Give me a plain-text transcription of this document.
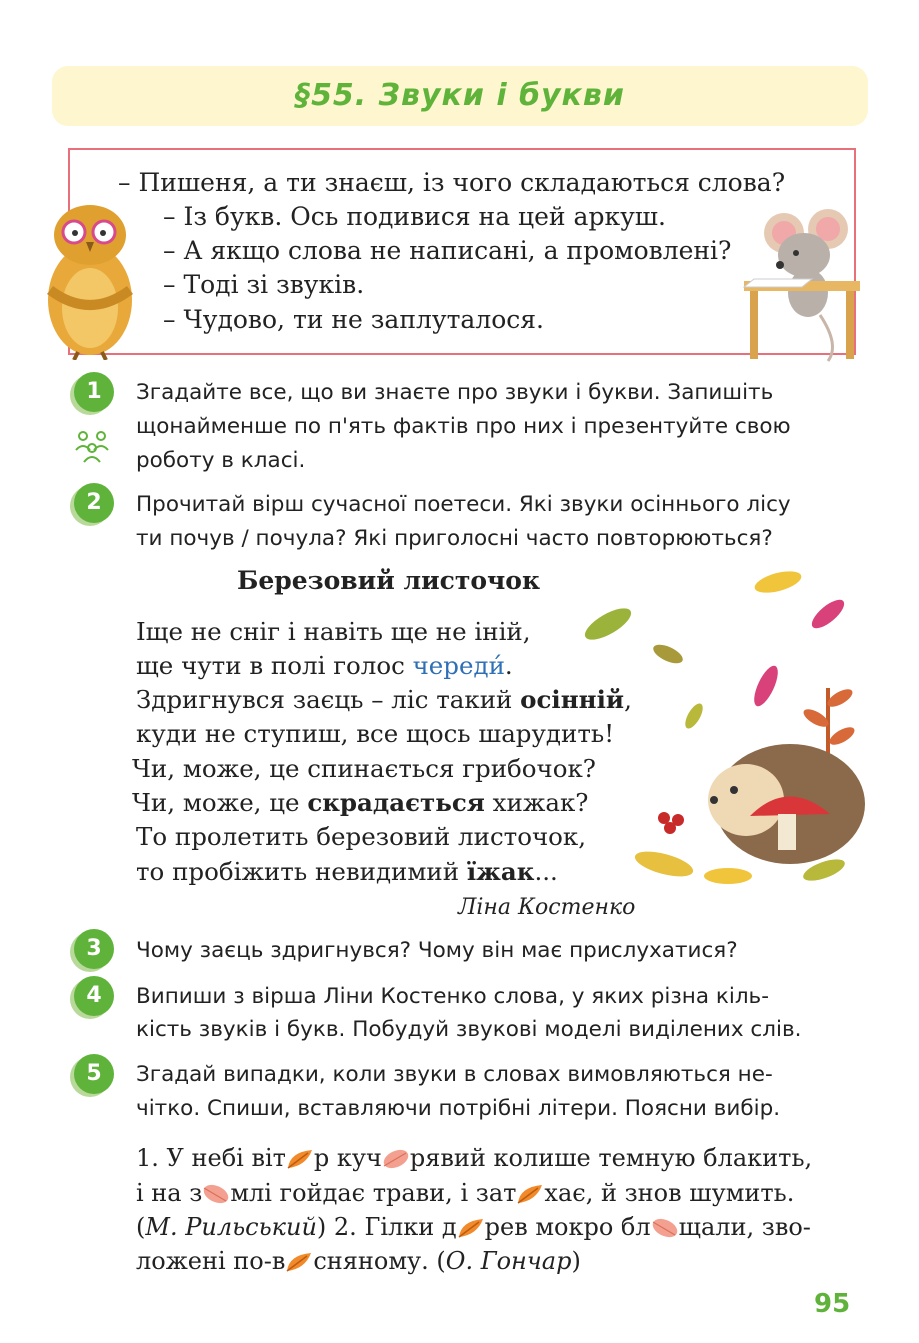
§55. Звуки і букви
– Пишеня, а ти знаєш, із чого складаються слова?
– Із букв. Ось подивися на цей аркуш.
– А якщо слова не написані, а промовлені?
– Тоді зі звуків.
– Чудово, ти не заплуталося.
1	Згадайте все, що ви знаєте про звуки і букви. Запишіть
щонайменше по п'ять фактів про них і презентуйте свою
роботу в класі.
2	Прочитай вірш сучасної поетеси. Які звуки осіннього лісу
ти почув / почула? Які приголосні часто повторюються?
Березовий листочок
Іще не сніг і навіть ще не іній,
ще чути в полі голос череди́.
Здригнувся заєць – ліс такий осінній,
куди не ступиш, все щось шарудить!
Чи, може, це спинається грибочок?
Чи, може, це скрадається хижак?
То пролетить березовий листочок,
то пробіжить невидимий їжак...
Ліна Костенко
3	Чому заєць здригнувся? Чому він має прислухатися?
4	Випиши з вірша Ліни Костенко слова, у яких різна кіль-
кість звуків і букв. Побудуй звукові моделі виділених слів.
5	Згадай випадки, коли звуки в словах вимовляються не-
чітко. Спиши, вставляючи потрібні літери. Поясни вибір.
1. У небі віт р куч рявий колише темную блакить,
і на з млі гойдає трави, і зат хає, й знов шумить.
(М. Рильський) 2. Гілки д рев мокро бл щали, зво-
ложені по-в сняному. (О. Гончар)
95
